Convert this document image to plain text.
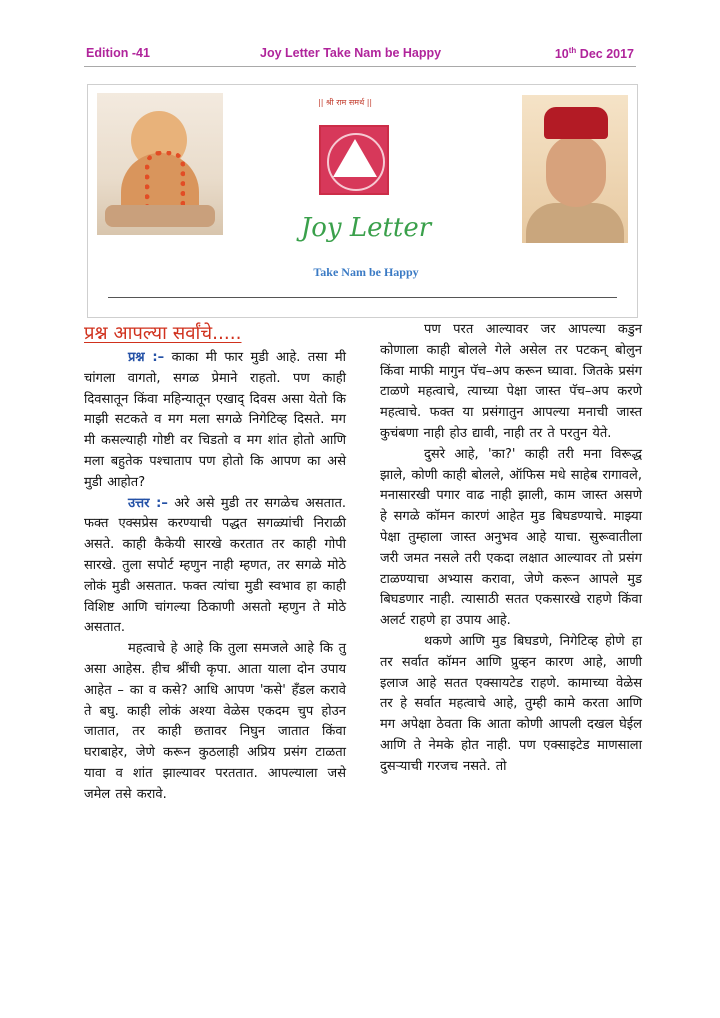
Edition -41	Joy Letter Take Nam be Happy	10th Dec 2017
|| श्री राम समर्थ ||
Joy Letter
Take Nam be Happy
प्रश्न आपल्या सर्वांचे.....

प्रश्न :– काका मी फार मुडी आहे. तसा मी चांगला वागतो, सगळ प्रेमाने राहतो. पण काही दिवसातून किंवा महिन्यातून एखाद् दिवस असा येतो कि माझी सटकते व मग मला सगळे निगेटिव्ह दिसते. मग मी कसल्याही गोष्टी वर चिडतो व मग शांत होतो आणि मला बहुतेक पश्चाताप पण होतो कि आपण का असे मुडी आहोत?

उत्तर :– अरे असे मुडी तर सगळेच असतात. फक्त एक्सप्रेस करण्याची पद्धत सगळ्यांची निराळी असते. काही कैकेयी सारखे करतात तर काही गोपी सारखे. तुला सपोर्ट म्हणुन नाही म्हणत, तर सगळे मोठे लोकं मुडी असतात. फक्त त्यांचा मुडी स्वभाव हा काही विशिष्ट आणि चांगल्या ठिकाणी असतो म्हणुन ते मोठे असतात.

महत्वाचे हे आहे कि तुला समजले आहे कि तु असा आहेस. हीच श्रींची कृपा. आता याला दोन उपाय आहेत – का व कसे? आधि आपण 'कसे' हॅंडल करावे ते बघु. काही लोकं अश्या वेळेस एकदम चुप होउन जातात, तर काही छतावर निघुन जातात किंवा घराबाहेर, जेणे करून कुठलाही अप्रिय प्रसंग टाळता यावा व शांत झाल्यावर परततात. आपल्याला जसे जमेल तसे करावे.

पण परत आल्यावर जर आपल्या कडुन कोणाला काही बोलले गेले असेल तर पटकन् बोलुन किंवा माफी मागुन पॅच–अप करून घ्यावा. जितके प्रसंग टाळणे महत्वाचे, त्याच्या पेक्षा जास्त पॅच–अप करणे महत्वाचे. फक्त या प्रसंगातुन आपल्या मनाची जास्त कुचंबणा नाही होउ द्यावी, नाही तर ते परतुन येते.

दुसरे आहे, 'का?' काही तरी मना विरूद्ध झाले, कोणी काही बोलले, ऑफिस मधे साहेब रागावले, मनासारखी पगार वाढ नाही झाली, काम जास्त असणे हे सगळे कॉमन कारणं आहेत मुड बिघडण्याचे. माझ्या पेक्षा तुम्हाला जास्त अनुभव आहे याचा. सुरूवातीला जरी जमत नसले तरी एकदा लक्षात आल्यावर तो प्रसंग टाळण्याचा अभ्यास करावा, जेणे करून आपले मुड बिघडणार नाही. त्यासाठी सतत एकसारखे राहणे किंवा अलर्ट राहणे हा उपाय आहे.

थकणे आणि मुड बिघडणे, निगेटिव्ह होणे हा तर सर्वात कॉमन आणि प्रुव्हन कारण आहे, आणी इलाज आहे सतत एक्सायटेड राहणे. कामाच्या वेळेस तर हे सर्वात महत्वाचे आहे, तुम्ही कामे करता आणि मग अपेक्षा ठेवता कि आता कोणी आपली दखल घेईल आणि ते नेमके होत नाही. पण एक्साइटेड माणसाला दुसऱ्याची गरजच नसते. तो
